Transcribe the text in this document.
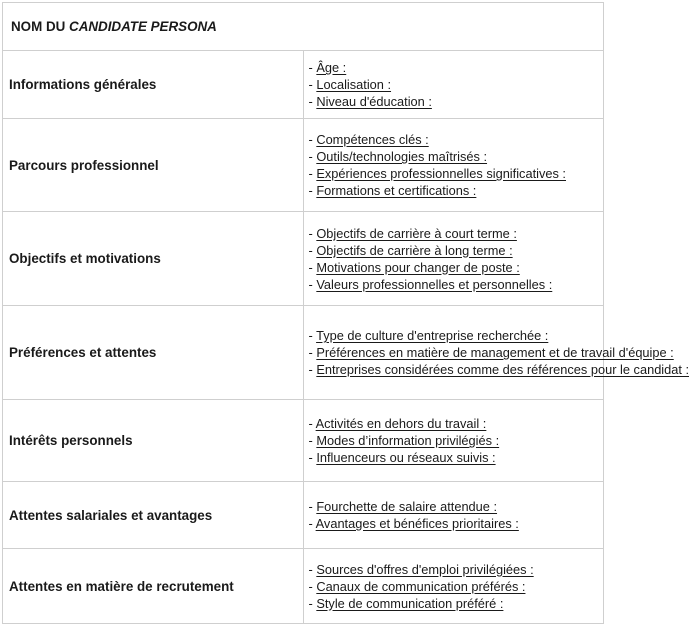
NOM DU CANDIDATE PERSONA	
Informations générales	- Âge :
- Localisation :
- Niveau d'éducation :

Parcours professionnel	- Compétences clés :
- Outils/technologies maîtrisés :
- Expériences professionnelles significatives :
- Formations et certifications :

Objectifs et motivations	- Objectifs de carrière à court terme :
- Objectifs de carrière à long terme :
- Motivations pour changer de poste :
- Valeurs professionnelles et personnelles :

Préférences et attentes	- Type de culture d'entreprise recherchée :
- Préférences en matière de management et de travail d'équipe :
- Entreprises considérées comme des références pour le candidat :

Intérêts personnels	- Activités en dehors du travail :
- Modes d’information privilégiés :
- Influenceurs ou réseaux suivis :

Attentes salariales et avantages	- Fourchette de salaire attendue :
- Avantages et bénéfices prioritaires :

Attentes en matière de recrutement	- Sources d'offres d'emploi privilégiées :
- Canaux de communication préférés :
- Style de communication préféré :
